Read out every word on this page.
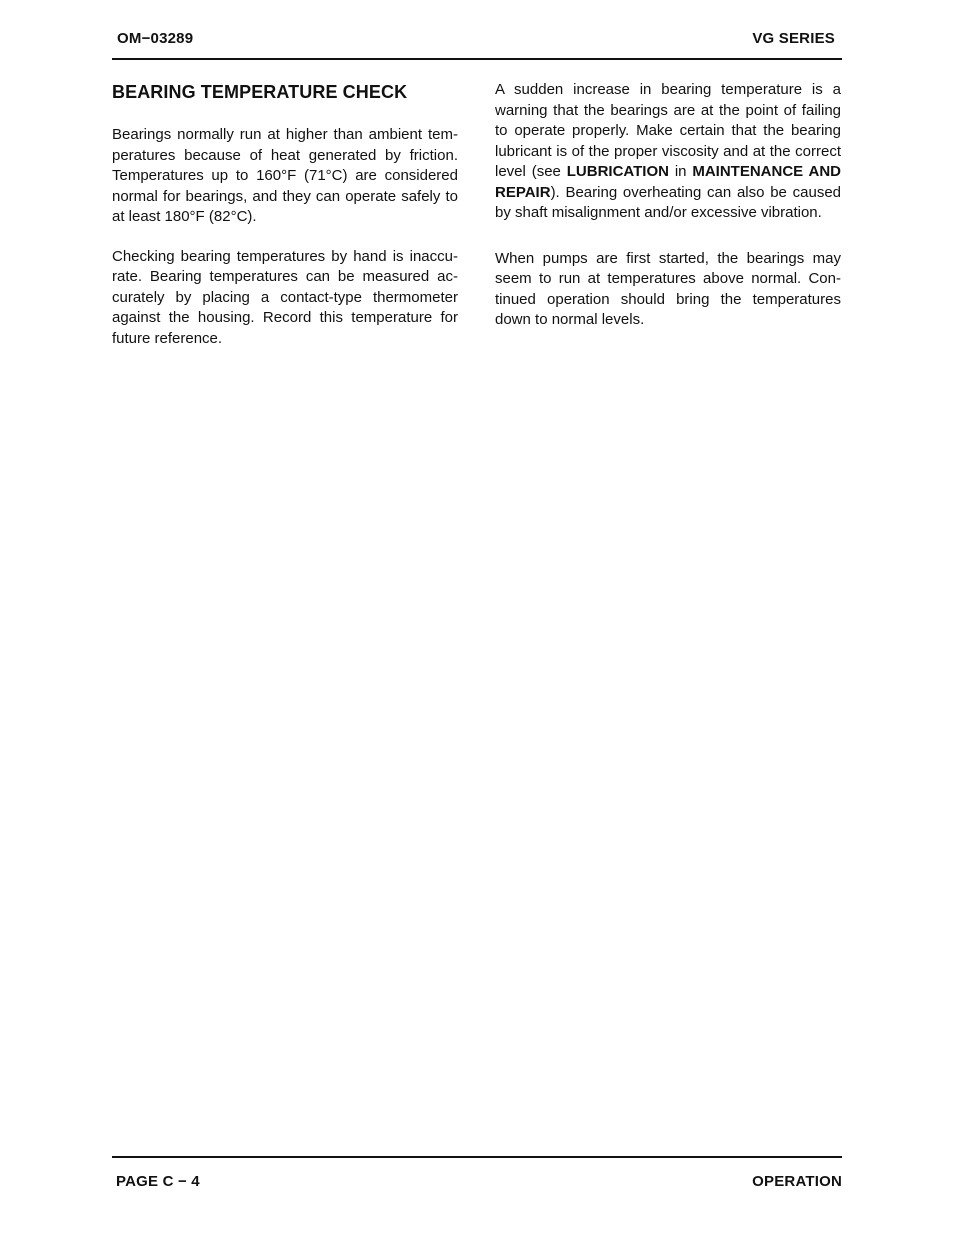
OM−03289	VG SERIES
BEARING TEMPERATURE CHECK

Bearings normally run at higher than ambient temperatures because of heat generated by friction. Temperatures up to 160°F (71°C) are considered normal for bearings, and they can operate safely to at least 180°F (82°C).

Checking bearing temperatures by hand is inaccurate. Bearing temperatures can be measured accurately by placing a contact-type thermometer against the housing. Record this temperature for future reference.

A sudden increase in bearing temperature is a warning that the bearings are at the point of failing to operate properly. Make certain that the bearing lubricant is of the proper viscosity and at the correct level (see LUBRICATION in MAINTENANCE AND REPAIR). Bearing overheating can also be caused by shaft misalignment and/or excessive vibration.

When pumps are first started, the bearings may seem to run at temperatures above normal. Continued operation should bring the temperatures down to normal levels.

PAGE C − 4	OPERATION
